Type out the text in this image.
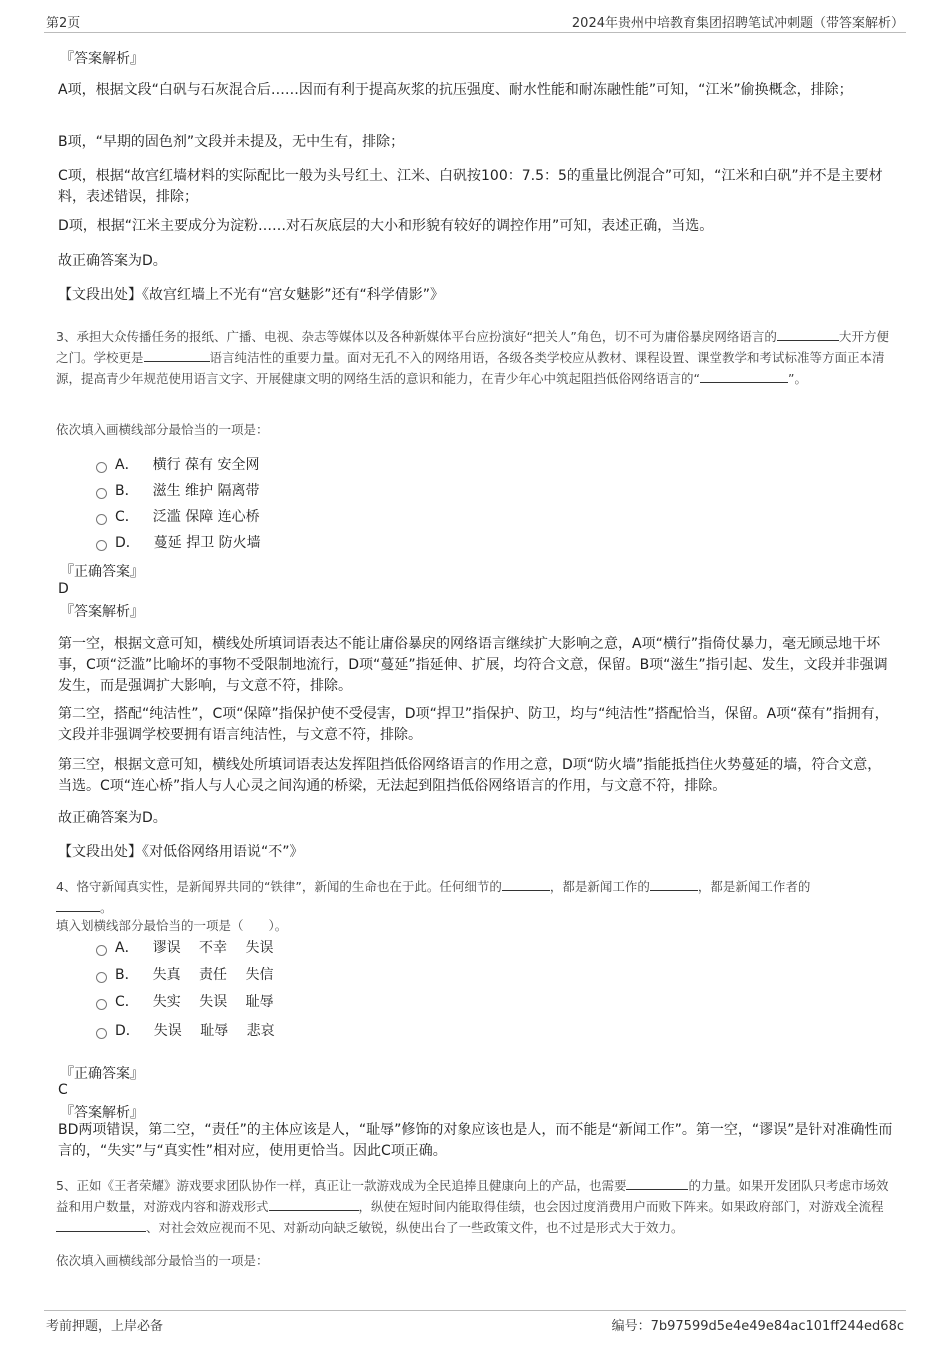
第2页	2024年贵州中培教育集团招聘笔试冲刺题（带答案解析）
『答案解析』
A项，根据文段“白矾与石灰混合后……因而有利于提高灰浆的抗压强度、耐水性能和耐冻融性能”可知，“江米”偷换概念，排除；
B项，“早期的固色剂”文段并未提及，无中生有，排除；
C项，根据“故宫红墙材料的实际配比一般为头号红土、江米、白矾按100：7.5：5的重量比例混合”可知，“江米和白矾”并不是主要材料，表述错误，排除；
D项，根据“江米主要成分为淀粉……对石灰底层的大小和形貌有较好的调控作用”可知，表述正确，当选。
故正确答案为D。
【文段出处】《故宫红墙上不光有“宫女魅影”还有“科学倩影”》
3、承担大众传播任务的报纸、广播、电视、杂志等媒体以及各种新媒体平台应扮演好“把关人”角色，切不可为庸俗暴戾网络语言的	大开方便之门。学校更是	语言纯洁性的重要力量。面对无孔不入的网络用语，各级各类学校应从教材、课程设置、课堂教学和考试标准等方面正本清源，提高青少年规范使用语言文字、开展健康文明的网络生活的意识和能力，在青少年心中筑起阻挡低俗网络语言的“	”。
依次填入画横线部分最恰当的一项是：
A． 横行 葆有 安全网
B． 滋生 维护 隔离带
C． 泛滥 保障 连心桥
D． 蔓延 捍卫 防火墙
『正确答案』
D
『答案解析』
第一空，根据文意可知，横线处所填词语表达不能让庸俗暴戾的网络语言继续扩大影响之意，A项“横行”指倚仗暴力，毫无顾忌地干坏事，C项“泛滥”比喻坏的事物不受限制地流行，D项“蔓延”指延伸、扩展，均符合文意，保留。B项“滋生”指引起、发生，文段并非强调发生，而是强调扩大影响，与文意不符，排除。
第二空，搭配“纯洁性”，C项“保障”指保护使不受侵害，D项“捍卫”指保护、防卫，均与“纯洁性”搭配恰当，保留。A项“葆有”指拥有，文段并非强调学校要拥有语言纯洁性，与文意不符，排除。
第三空，根据文意可知，横线处所填词语表达发挥阻挡低俗网络语言的作用之意，D项“防火墙”指能抵挡住火势蔓延的墙，符合文意，当选。C项“连心桥”指人与人心灵之间沟通的桥梁，无法起到阻挡低俗网络语言的作用，与文意不符，排除。
故正确答案为D。
【文段出处】《对低俗网络用语说“不”》
4、恪守新闻真实性，是新闻界共同的“铁律”，新闻的生命也在于此。任何细节的	，都是新闻工作的	，都是新闻工作者的
。
填入划横线部分最恰当的一项是（　　）。
A． 谬误　 不幸　 失误
B． 失真　 责任　 失信
C． 失实　 失误　 耻辱
D． 失误　 耻辱　 悲哀
『正确答案』
C
『答案解析』
BD两项错误，第二空，“责任”的主体应该是人，“耻辱”修饰的对象应该也是人，而不能是“新闻工作”。第一空，“谬误”是针对准确性而言的，“失实”与“真实性”相对应，使用更恰当。因此C项正确。
5、正如《王者荣耀》游戏要求团队协作一样，真正让一款游戏成为全民追捧且健康向上的产品，也需要	的力量。如果开发团队只考虑市场效益和用户数量，对游戏内容和游戏形式	，纵使在短时间内能取得佳绩，也会因过度消费用户而败下阵来。如果政府部门，对游戏全流程、对社会效应视而不见、对新动向缺乏敏锐，纵使出台了一些政策文件，也不过是形式大于效力。
依次填入画横线部分最恰当的一项是：
考前押题，上岸必备	编号：7b97599d5e4e49e84ac101ff244ed68c
